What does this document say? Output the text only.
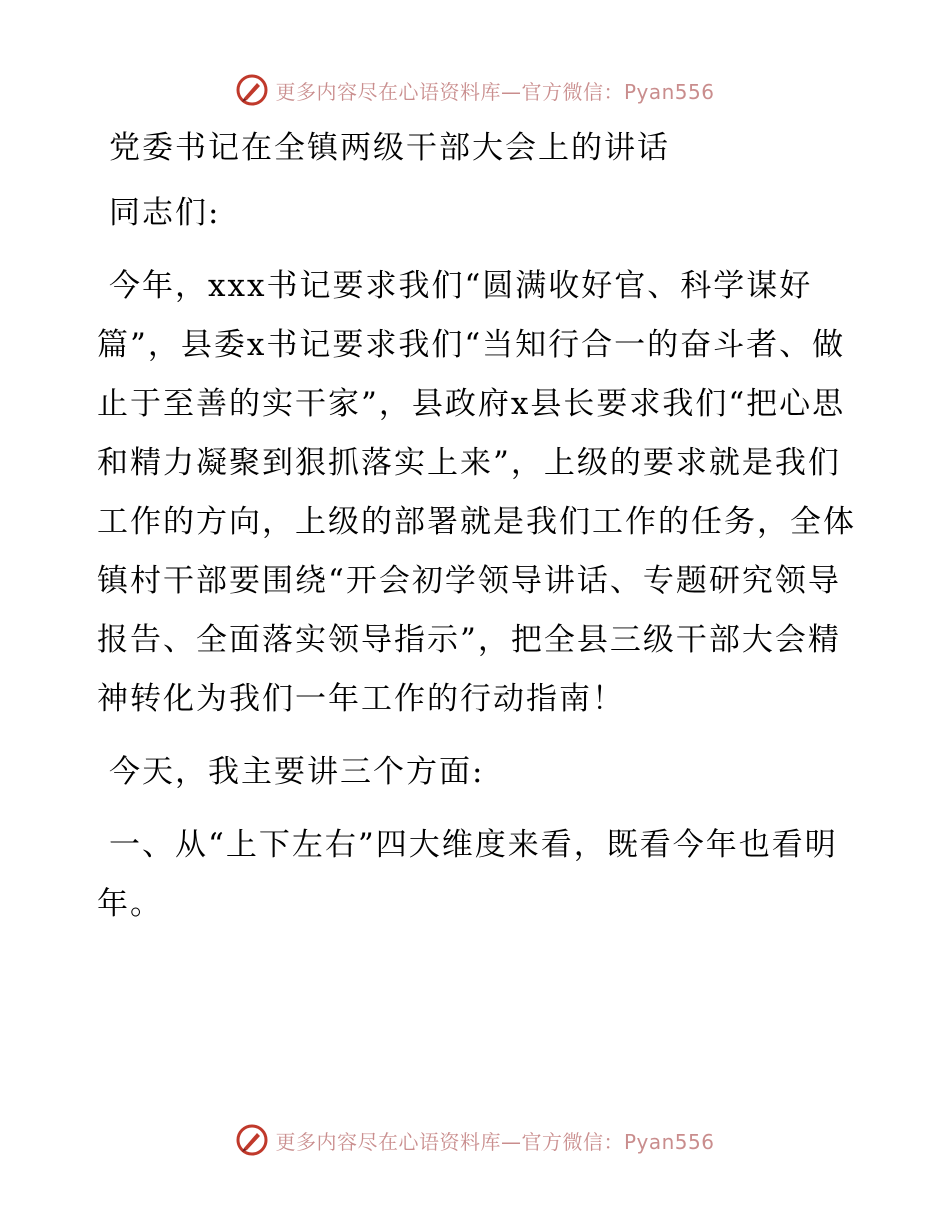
更多内容尽在心语资料库—官方微信：Pyan556
党委书记在全镇两级干部大会上的讲话
同志们:
今年，xxx书记要求我们“圆满收好官、科学谋好篇”，县委x书记要求我们“当知行合一的奋斗者、做止于至善的实干家”，县政府x县长要求我们“把心思和精力凝聚到狠抓落实上来”，上级的要求就是我们工作的方向，上级的部署就是我们工作的任务，全体镇村干部要围绕“开会初学领导讲话、专题研究领导报告、全面落实领导指示”，把全县三级干部大会精神转化为我们一年工作的行动指南！
今天，我主要讲三个方面:
一、从“上下左右”四大维度来看，既看今年也看明年。
更多内容尽在心语资料库—官方微信：Pyan556
